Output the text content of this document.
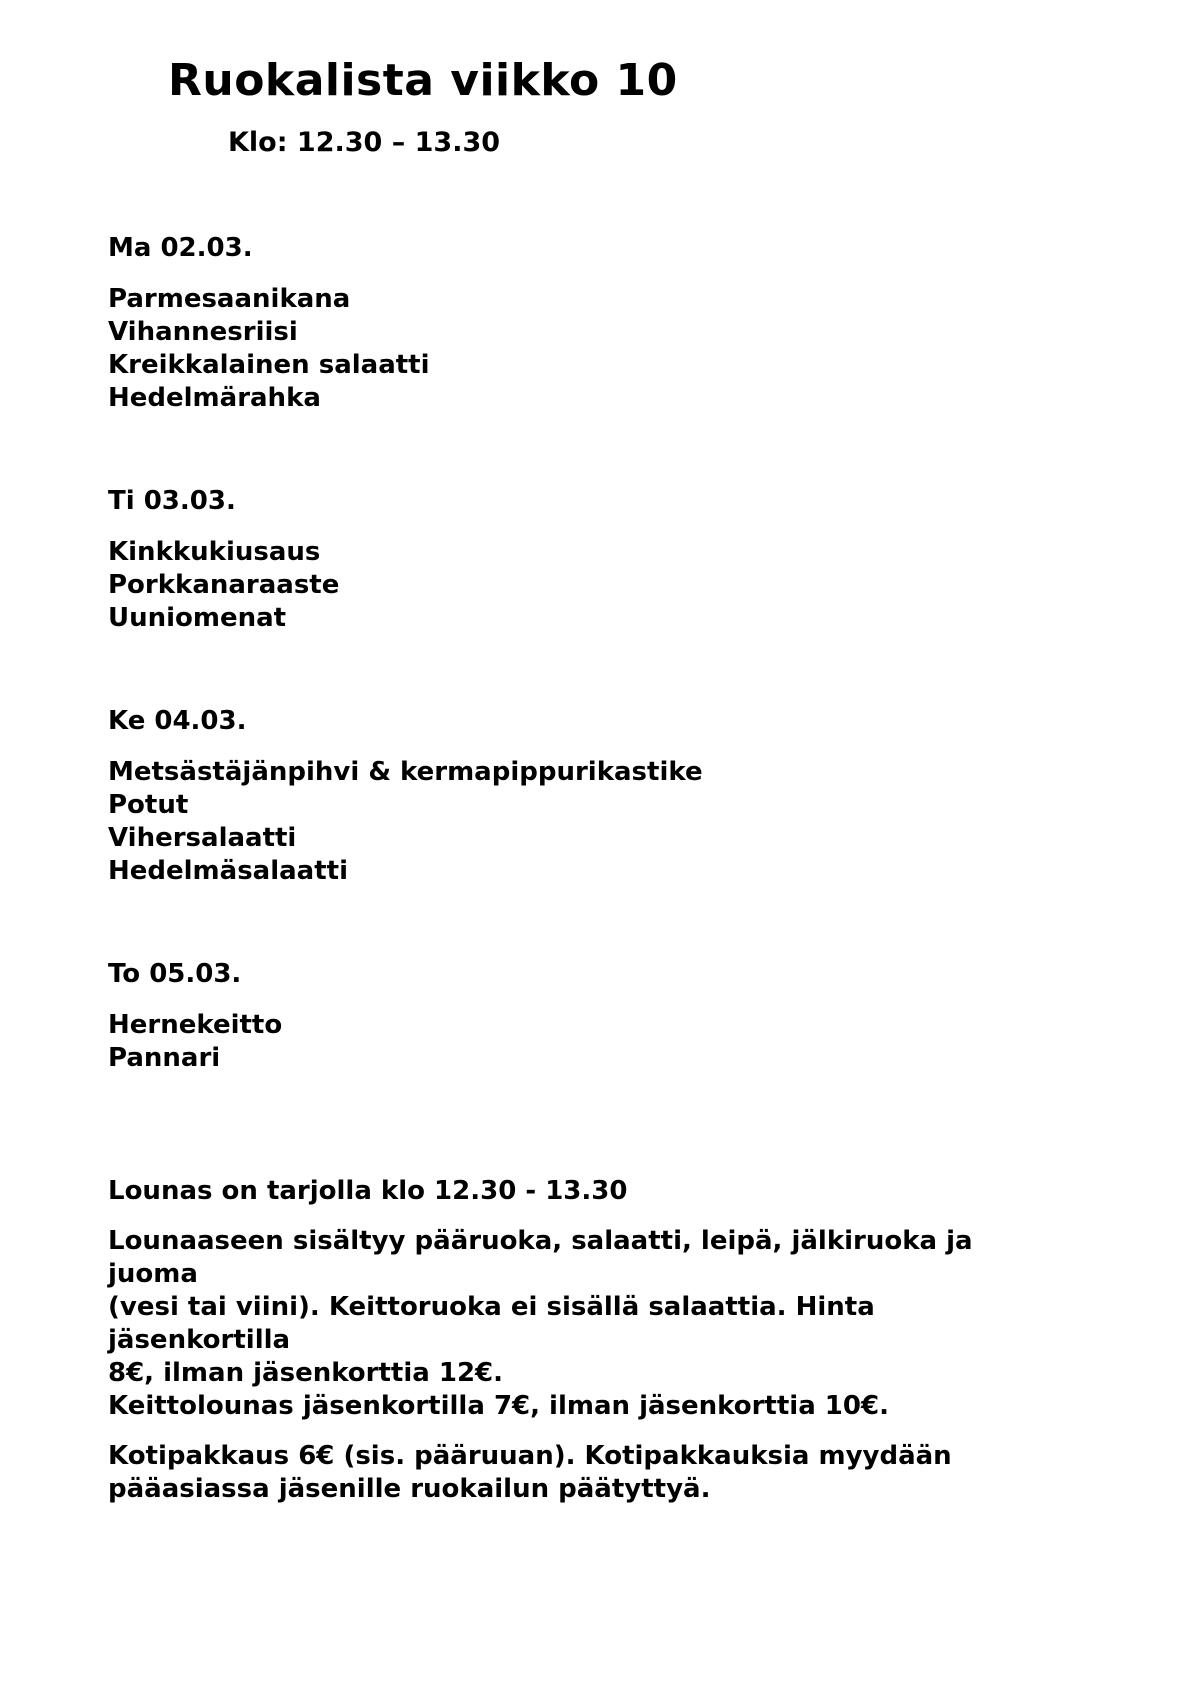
Ruokalista viikko 10
Klo: 12.30 – 13.30
Ma 02.03.
Parmesaanikana
Vihannesriisi
Kreikkalainen salaatti
Hedelmärahka
Ti 03.03.
Kinkkukiusaus
Porkkanaraaste
Uuniomenat
Ke 04.03.
Metsästäjänpihvi & kermapippurikastike
Potut
Vihersalaatti
Hedelmäsalaatti
To 05.03.
Hernekeitto
Pannari
Lounas on tarjolla klo 12.30 - 13.30
Lounaaseen sisältyy pääruoka, salaatti, leipä, jälkiruoka ja juoma
(vesi tai viini). Keittoruoka ei sisällä salaattia. Hinta jäsenkortilla
8€, ilman jäsenkorttia 12€.
Keittolounas jäsenkortilla 7€, ilman jäsenkorttia 10€.
Kotipakkaus 6€ (sis. pääruuan). Kotipakkauksia myydään
pääasiassa jäsenille ruokailun päätyttyä.
